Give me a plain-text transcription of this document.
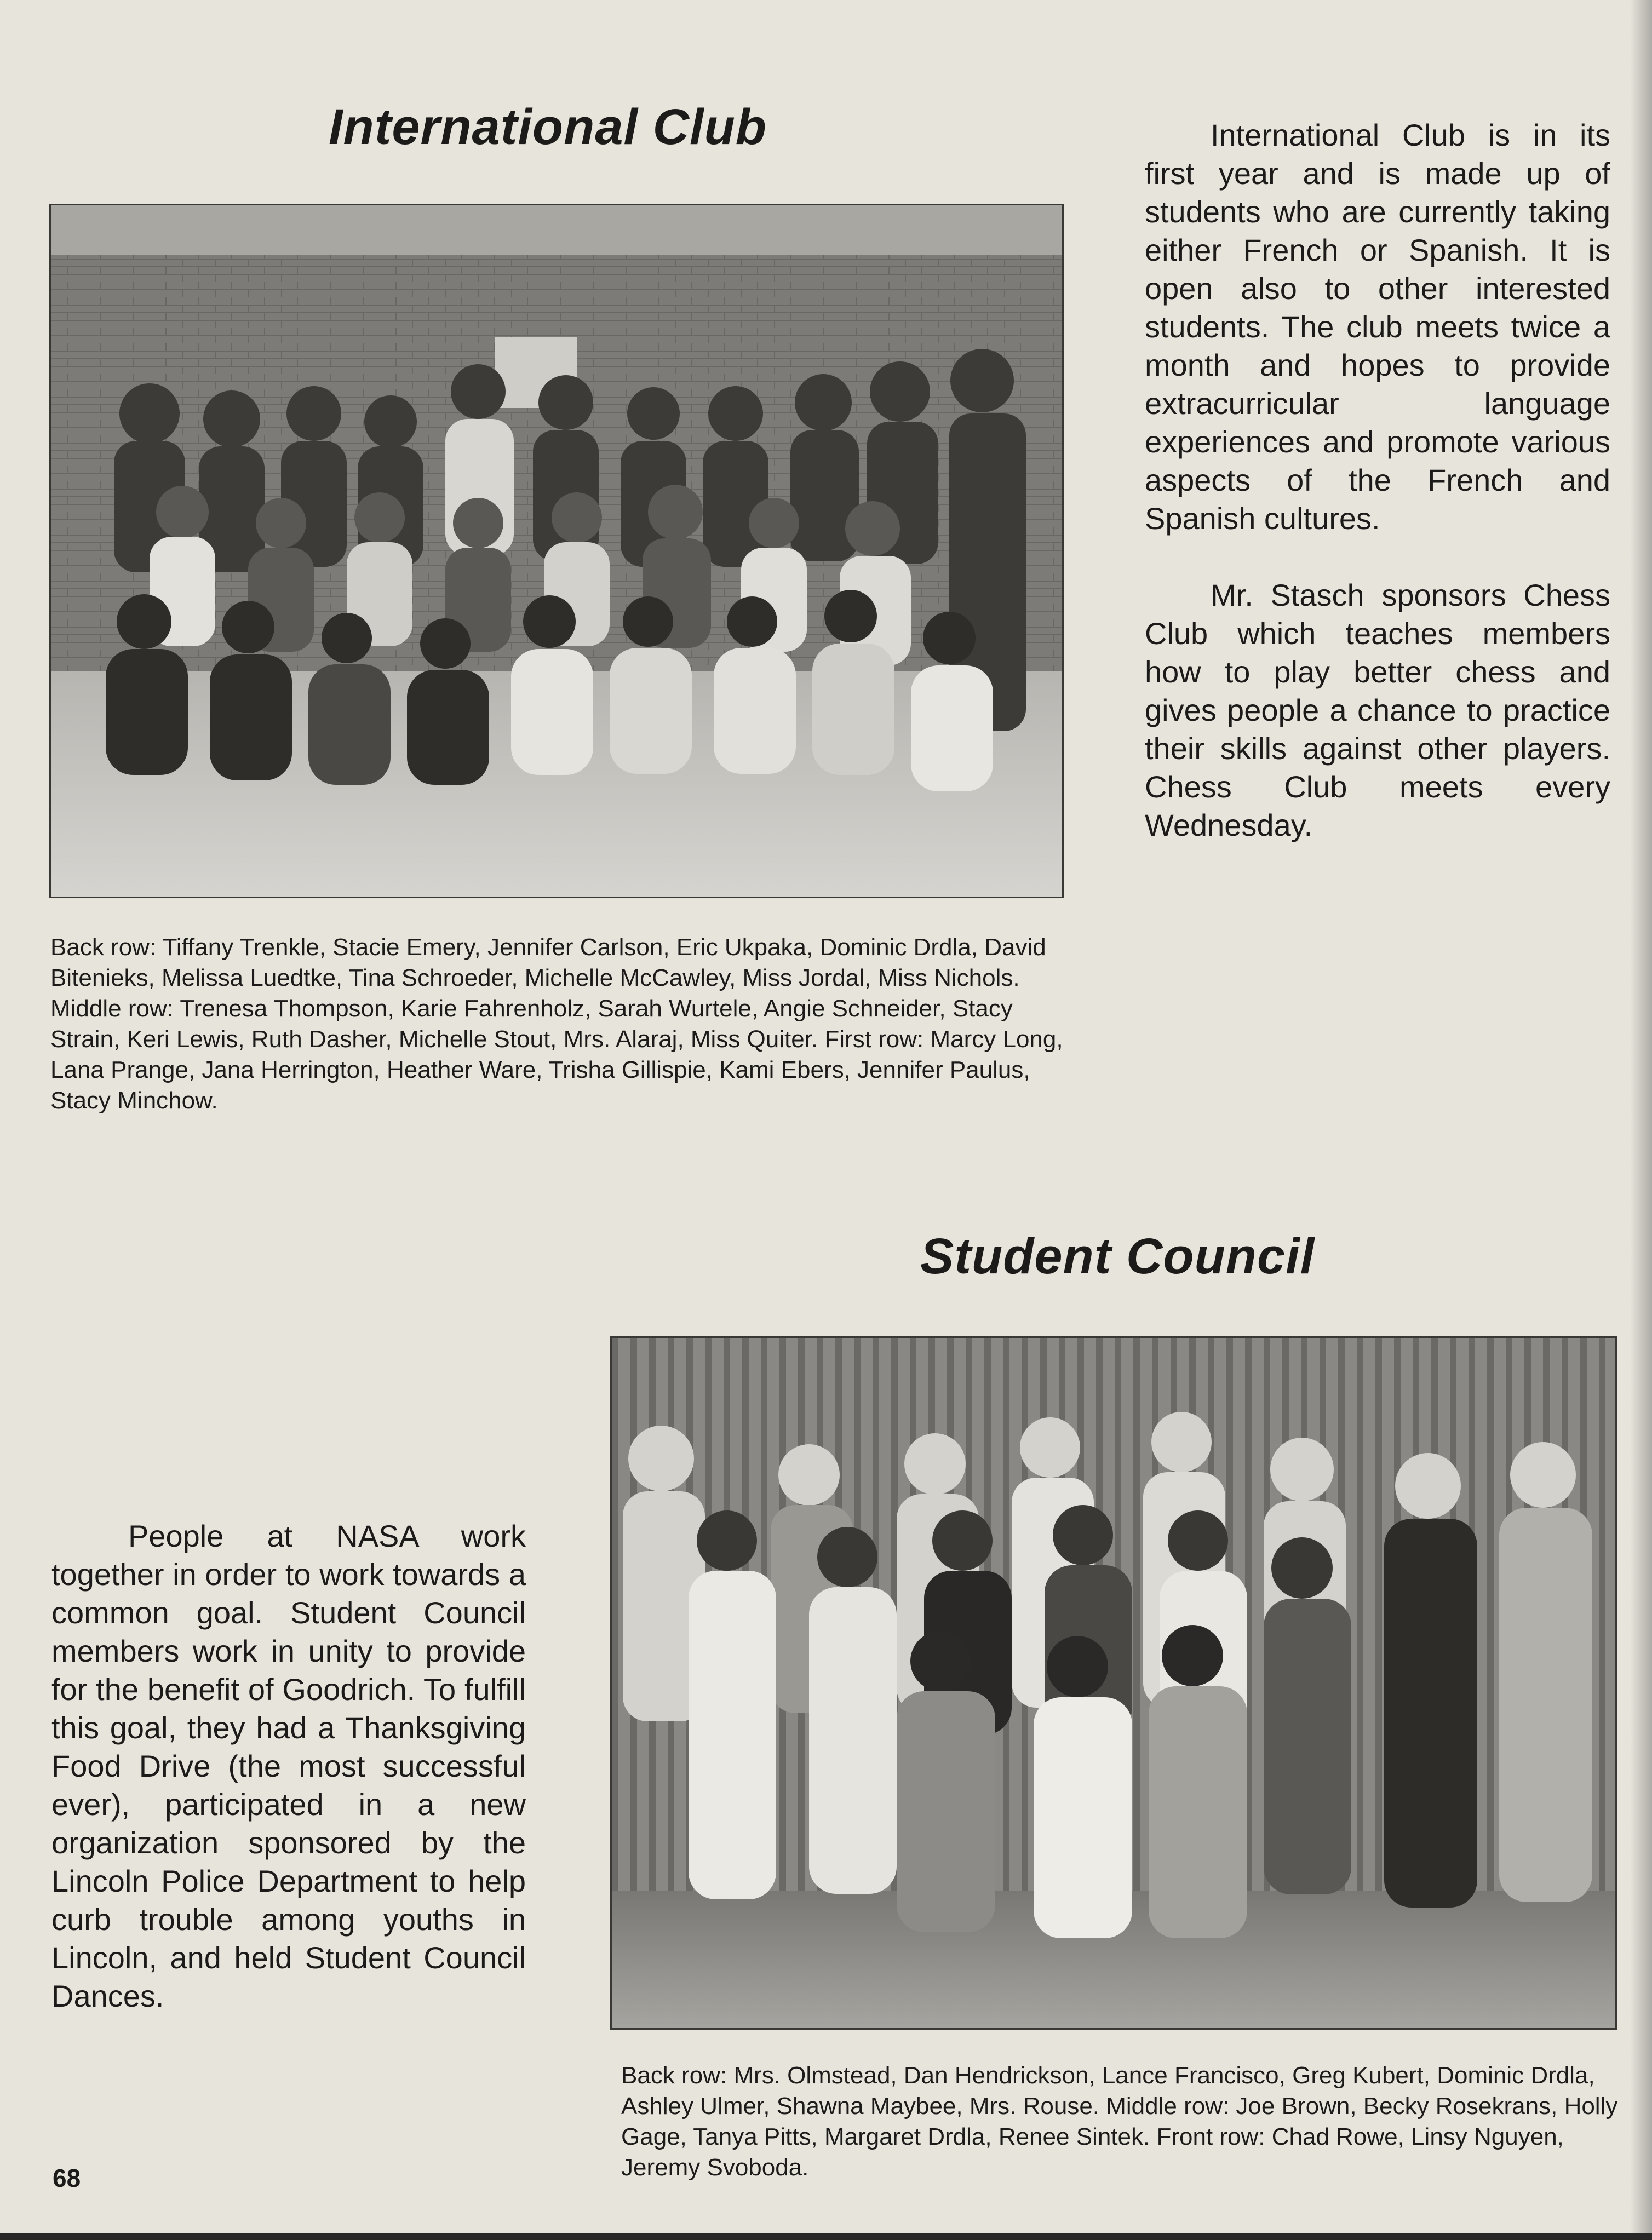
International Club	International Club is in its first year and is made up of students who are currently taking either French or Spanish. It is open also to other interested students. The club meets twice a month and hopes to provide extracurricular language experiences and promote various aspects of the French and Spanish cultures.

Mr. Stasch sponsors Chess Club which teaches members how to play better chess and gives people a chance to practice their skills against other players. Chess Club meets every Wednesday.

Back row: Tiffany Trenkle, Stacie Emery, Jennifer Carlson, Eric Ukpaka, Dominic Drdla, David Bitenieks, Melissa Luedtke, Tina Schroeder, Michelle McCawley, Miss Jordal, Miss Nichols. Middle row: Trenesa Thompson, Karie Fahrenholz, Sarah Wurtele, Angie Schneider, Stacy Strain, Keri Lewis, Ruth Dasher, Michelle Stout, Mrs. Alaraj, Miss Quiter. First row: Marcy Long, Lana Prange, Jana Herrington, Heather Ware, Trisha Gillispie, Kami Ebers, Jennifer Paulus, Stacy Minchow.

Student Council

People at NASA work together in order to work towards a common goal. Student Council members work in unity to provide for the benefit of Goodrich. To fulfill this goal, they had a Thanksgiving Food Drive (the most successful ever), participated in a new organization sponsored by the Lincoln Police Department to help curb trouble among youths in Lincoln, and held Student Council Dances.

Back row: Mrs. Olmstead, Dan Hendrickson, Lance Francisco, Greg Kubert, Dominic Drdla, Ashley Ulmer, Shawna Maybee, Mrs. Rouse. Middle row: Joe Brown, Becky Rosekrans, Holly Gage, Tanya Pitts, Margaret Drdla, Renee Sintek. Front row: Chad Rowe, Linsy Nguyen, Jeremy Svoboda.

68
